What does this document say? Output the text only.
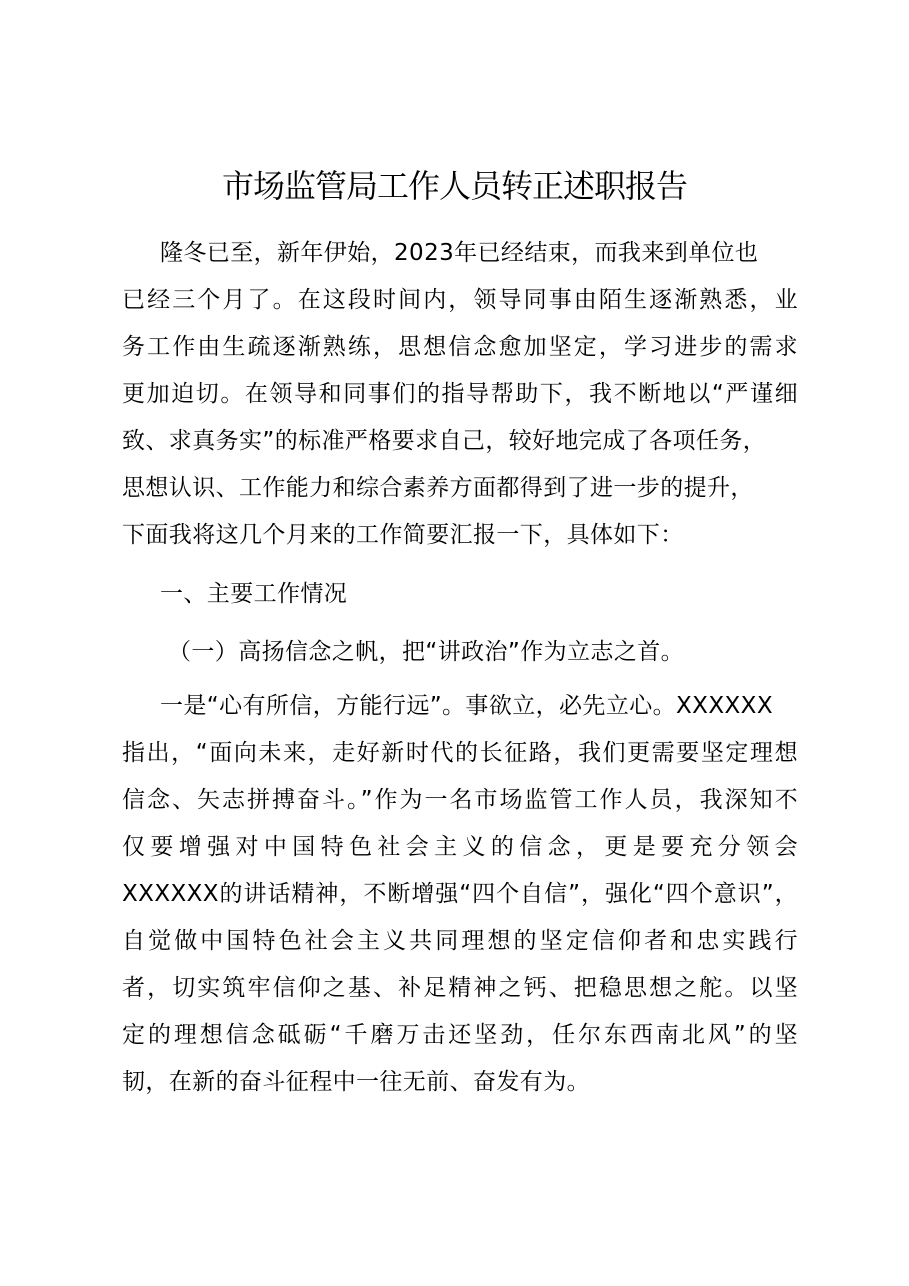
市场监管局工作人员转正述职报告
隆冬已至，新年伊始，2023年已经结束，而我来到单位也
已经三个月了。在这段时间内，领导同事由陌生逐渐熟悉，业
务工作由生疏逐渐熟练，思想信念愈加坚定，学习进步的需求
更加迫切。在领导和同事们的指导帮助下，我不断地以“严谨细
致、求真务实”的标准严格要求自己，较好地完成了各项任务，
思想认识、工作能力和综合素养方面都得到了进一步的提升，
下面我将这几个月来的工作简要汇报一下，具体如下：
一、主要工作情况
（一）高扬信念之帆，把“讲政治”作为立志之首。
一是“心有所信，方能行远”。事欲立，必先立心。XXXXXX
指出，“面向未来，走好新时代的长征路，我们更需要坚定理想
信念、矢志拼搏奋斗。”作为一名市场监管工作人员，我深知不
仅要增强对中国特色社会主义的信念，更是要充分领会
XXXXXX的讲话精神，不断增强“四个自信”，强化“四个意识”，
自觉做中国特色社会主义共同理想的坚定信仰者和忠实践行
者，切实筑牢信仰之基、补足精神之钙、把稳思想之舵。以坚
定的理想信念砥砺“千磨万击还坚劲，任尔东西南北风”的坚
韧，在新的奋斗征程中一往无前、奋发有为。
